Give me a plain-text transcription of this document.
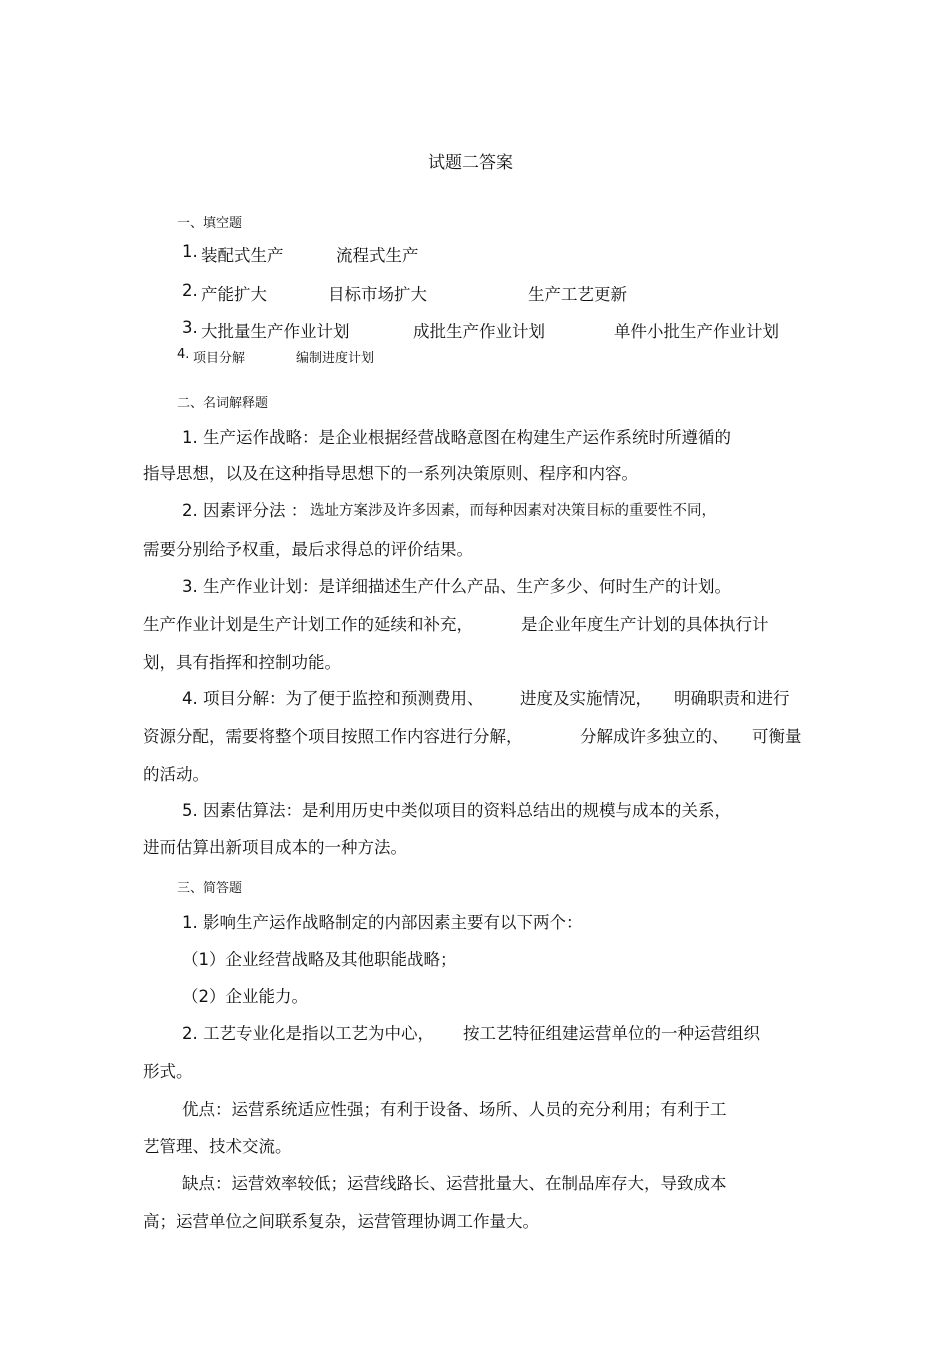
试题二答案
一、填空题
1. 装配式生产	流程式生产
2. 产能扩大	目标市场扩大	生产工艺更新
3. 大批量生产作业计划	成批生产作业计划	单件小批生产作业计划
4. 项目分解	编制进度计划
二、名词解释题
1. 生产运作战略：是企业根据经营战略意图在构建生产运作系统时所遵循的
指导思想，以及在这种指导思想下的一系列决策原则、程序和内容。
2. 因素评分法 ： 选址方案涉及许多因素，而每种因素对决策目标的重要性不同，
需要分别给予权重，最后求得总的评价结果。
3. 生产作业计划：是详细描述生产什么产品、生产多少、何时生产的计划。
生产作业计划是生产计划工作的延续和补充，	是企业年度生产计划的具体执行计
划，具有指挥和控制功能。
4. 项目分解：为了便于监控和预测费用、 进度及实施情况， 明确职责和进行
资源分配，需要将整个项目按照工作内容进行分解，	分解成许多独立的、 可衡量
的活动。
5. 因素估算法：是利用历史中类似项目的资料总结出的规模与成本的关系，
进而估算出新项目成本的一种方法。
三、简答题
1. 影响生产运作战略制定的内部因素主要有以下两个：
（1）企业经营战略及其他职能战略；
（2）企业能力。
2. 工艺专业化是指以工艺为中心， 按工艺特征组建运营单位的一种运营组织
形式。
优点：运营系统适应性强；有利于设备、场所、人员的充分利用；有利于工
艺管理、技术交流。
缺点：运营效率较低；运营线路长、运营批量大、在制品库存大，导致成本
高；运营单位之间联系复杂，运营管理协调工作量大。
